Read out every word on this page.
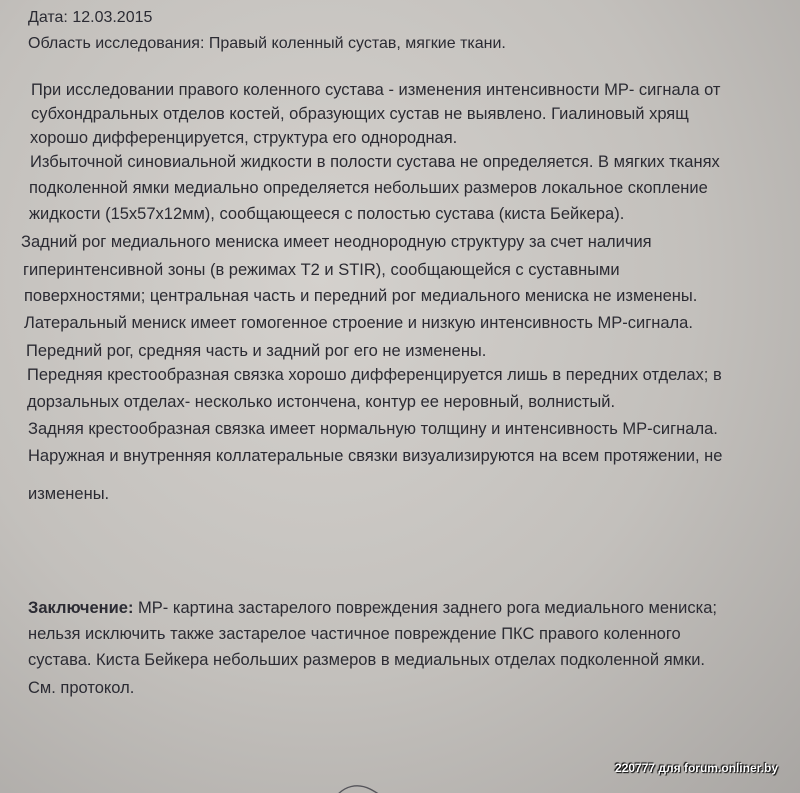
Дата: 12.03.2015
Область исследования: Правый коленный сустав, мягкие ткани.
При исследовании правого коленного сустава - изменения интенсивности МР- сигнала от
субхондральных отделов костей, образующих сустав не выявлено. Гиалиновый хрящ
хорошо дифференцируется, структура его однородная.
Избыточной синовиальной жидкости в полости сустава не определяется. В мягких тканях
подколенной ямки медиально определяется небольших размеров локальное скопление
жидкости (15x57x12мм), сообщающееся с полостью сустава (киста Бейкера).
Задний рог медиального мениска имеет неоднородную структуру за счет наличия
гиперинтенсивной зоны (в режимах Т2 и STIR), сообщающейся с суставными
поверхностями; центральная часть и передний рог медиального мениска не изменены.
Латеральный мениск имеет гомогенное строение и низкую интенсивность МР-сигнала.
Передний рог, средняя часть и задний рог его не изменены.
Передняя крестообразная связка хорошо дифференцируется лишь в передних отделах; в
дорзальных отделах- несколько истончена, контур ее неровный, волнистый.
Задняя крестообразная связка имеет нормальную толщину и интенсивность МР-сигнала.
Наружная и внутренняя коллатеральные связки визуализируются на всем протяжении, не
изменены.
Заключение: МР- картина застарелого повреждения заднего рога медиального мениска;
нельзя исключить также застарелое частичное повреждение ПКС правого коленного
сустава. Киста Бейкера небольших размеров в медиальных отделах подколенной ямки.
См. протокол.
220777 для forum.onliner.by
